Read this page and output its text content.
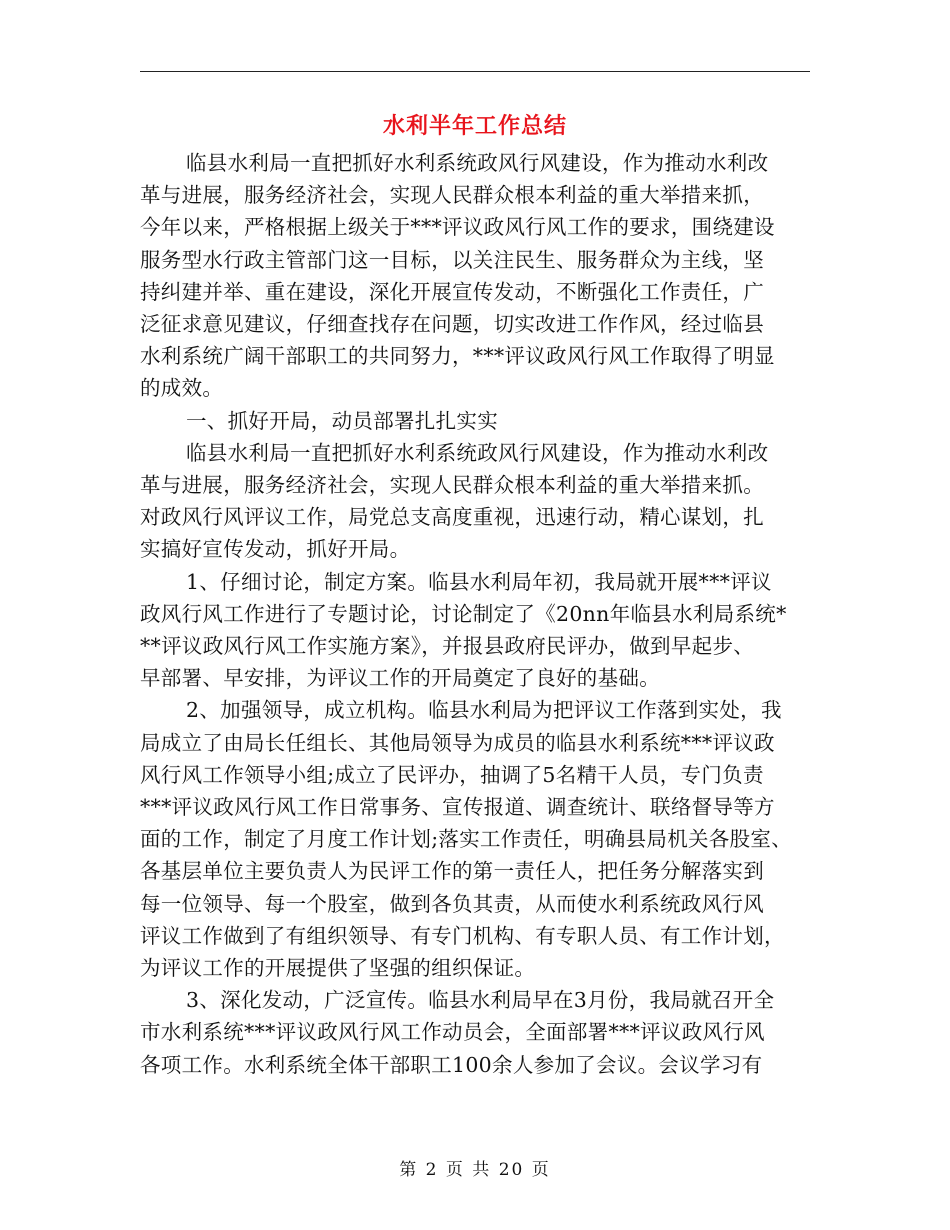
水利半年工作总结

临县水利局一直把抓好水利系统政风行风建设，作为推动水利改
革与进展，服务经济社会，实现人民群众根本利益的重大举措来抓，
今年以来，严格根据上级关于***评议政风行风工作的要求，围绕建设
服务型水行政主管部门这一目标，以关注民生、服务群众为主线，坚
持纠建并举、重在建设，深化开展宣传发动，不断强化工作责任，广
泛征求意见建议，仔细查找存在问题，切实改进工作作风，经过临县
水利系统广阔干部职工的共同努力，***评议政风行风工作取得了明显
的成效。

一、抓好开局，动员部署扎扎实实

临县水利局一直把抓好水利系统政风行风建设，作为推动水利改
革与进展，服务经济社会，实现人民群众根本利益的重大举措来抓。
对政风行风评议工作，局党总支高度重视，迅速行动，精心谋划，扎
实搞好宣传发动，抓好开局。

1、仔细讨论，制定方案。临县水利局年初，我局就开展***评议
政风行风工作进行了专题讨论，讨论制定了《20nn年临县水利局系统*
**评议政风行风工作实施方案》，并报县政府民评办，做到早起步、
早部署、早安排，为评议工作的开局奠定了良好的基础。

2、加强领导，成立机构。临县水利局为把评议工作落到实处，我
局成立了由局长任组长、其他局领导为成员的临县水利系统***评议政
风行风工作领导小组;成立了民评办，抽调了5名精干人员，专门负责
***评议政风行风工作日常事务、宣传报道、调查统计、联络督导等方
面的工作，制定了月度工作计划;落实工作责任，明确县局机关各股室、
各基层单位主要负责人为民评工作的第一责任人，把任务分解落实到
每一位领导、每一个股室，做到各负其责，从而使水利系统政风行风
评议工作做到了有组织领导、有专门机构、有专职人员、有工作计划，
为评议工作的开展提供了坚强的组织保证。

3、深化发动，广泛宣传。临县水利局早在3月份，我局就召开全
市水利系统***评议政风行风工作动员会，全面部署***评议政风行风
各项工作。水利系统全体干部职工100余人参加了会议。会议学习有

第 2 页 共 20 页
